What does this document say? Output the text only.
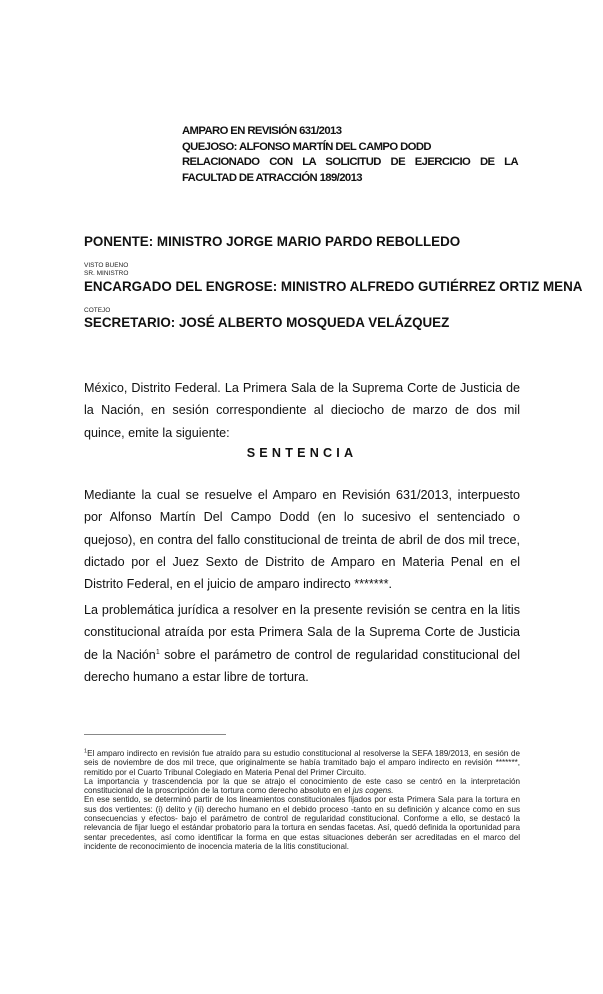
AMPARO EN REVISIÓN 631/2013
QUEJOSO: ALFONSO MARTÍN DEL CAMPO DODD
RELACIONADO CON LA SOLICITUD DE EJERCICIO DE LA
FACULTAD DE ATRACCIÓN 189/2013
PONENTE: MINISTRO JORGE MARIO PARDO REBOLLEDO
VISTO BUENO
SR. MINISTRO
ENCARGADO DEL ENGROSE: MINISTRO ALFREDO GUTIÉRREZ ORTIZ MENA
COTEJO
SECRETARIO: JOSÉ ALBERTO MOSQUEDA VELÁZQUEZ
México, Distrito Federal. La Primera Sala de la Suprema Corte de Justicia de la Nación, en sesión correspondiente al dieciocho de marzo de dos mil quince, emite la siguiente:
SENTENCIA
Mediante la cual se resuelve el Amparo en Revisión 631/2013, interpuesto por Alfonso Martín Del Campo Dodd (en lo sucesivo el sentenciado o quejoso), en contra del fallo constitucional de treinta de abril de dos mil trece, dictado por el Juez Sexto de Distrito de Amparo en Materia Penal en el Distrito Federal, en el juicio de amparo indirecto *******.
La problemática jurídica a resolver en la presente revisión se centra en la litis constitucional atraída por esta Primera Sala de la Suprema Corte de Justicia de la Nación$^1$ sobre el parámetro de control de regularidad constitucional del derecho humano a estar libre de tortura.

$^1$El amparo indirecto en revisión fue atraído para su estudio constitucional al resolverse la SEFA 189/2013, en sesión de seis de noviembre de dos mil trece, que originalmente se había tramitado bajo el amparo indirecto en revisión *******, remitido por el Cuarto Tribunal Colegiado en Materia Penal del Primer Circuito.

La importancia y trascendencia por la que se atrajo el conocimiento de este caso se centró en la interpretación constitucional de la proscripción de la tortura como derecho absoluto en el jus cogens.

En ese sentido, se determinó partir de los lineamientos constitucionales fijados por esta Primera Sala para la tortura en sus dos vertientes: (i) delito y (ii) derecho humano en el debido proceso -tanto en su definición y alcance como en sus consecuencias y efectos- bajo el parámetro de control de regularidad constitucional. Conforme a ello, se destacó la relevancia de fijar luego el estándar probatorio para la tortura en sendas facetas. Así, quedó definida la oportunidad para sentar precedentes, así como identificar la forma en que estas situaciones deberán ser acreditadas en el marco del incidente de reconocimiento de inocencia materia de la litis constitucional.
